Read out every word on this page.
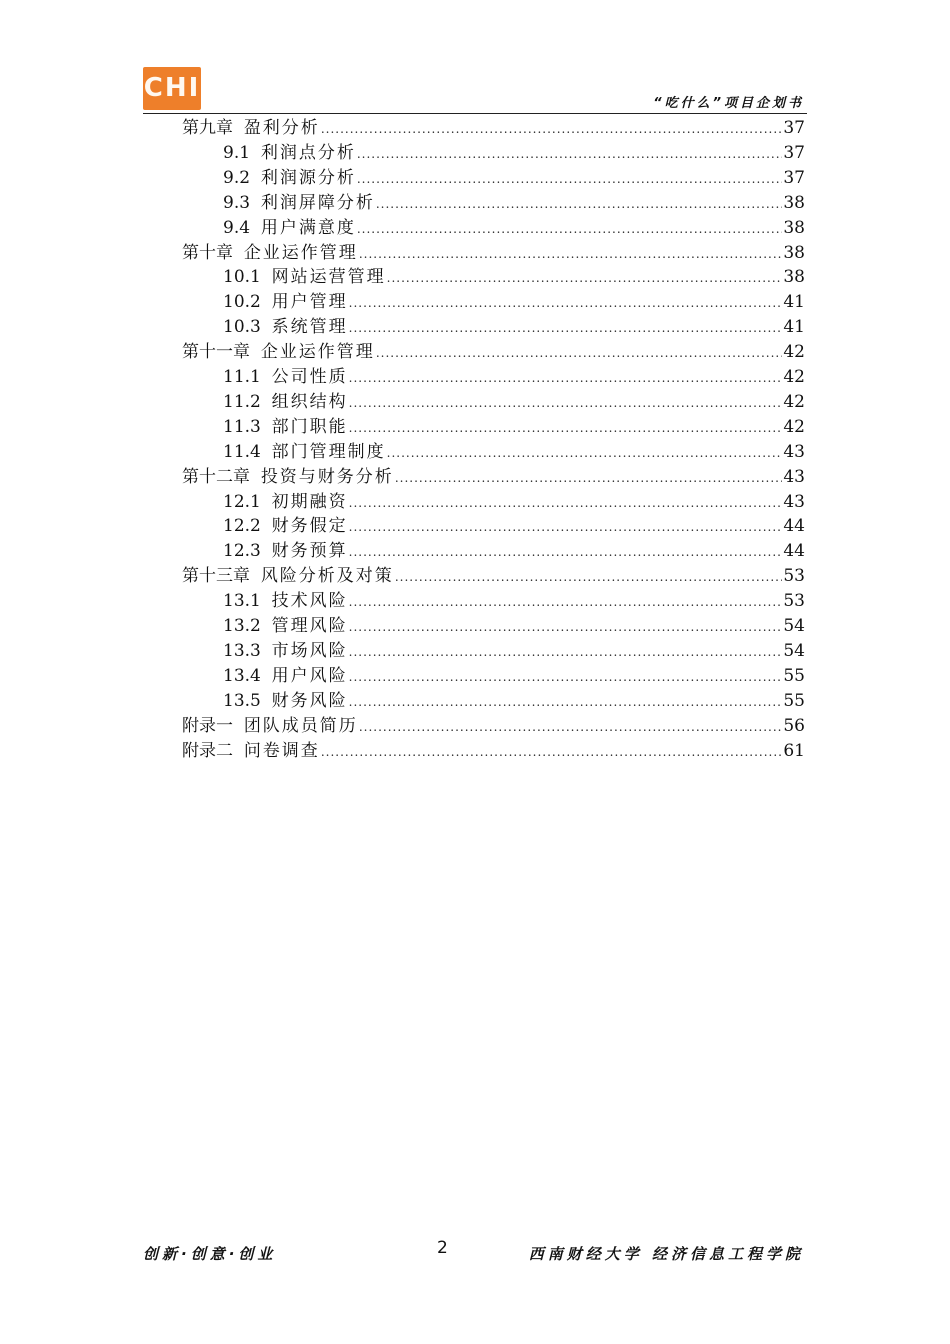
CHI
“吃什么”项目企划书
第九章 盈利分析 .....	37
9.1 利润点分析 .....	37
9.2 利润源分析 .....	37
9.3 利润屏障分析 .....	38
9.4 用户满意度 .....	38
第十章 企业运作管理 .....	38
10.1 网站运营管理 .....	38
10.2 用户管理 .....	41
10.3 系统管理 .....	41
第十一章 企业运作管理 .....	42
11.1 公司性质 .....	42
11.2 组织结构 .....	42
11.3 部门职能 .....	42
11.4 部门管理制度 .....	43
第十二章 投资与财务分析 .....	43
12.1 初期融资 .....	43
12.2 财务假定 .....	44
12.3 财务预算 .....	44
第十三章 风险分析及对策 .....	53
13.1 技术风险 .....	53
13.2 管理风险 .....	54
13.3 市场风险 .....	54
13.4 用户风险 .....	55
13.5 财务风险 .....	55
附录一 团队成员简历 .....	56
附录二 问卷调查 .....	61
创新·创意·创业	2	西南财经大学 经济信息工程学院
